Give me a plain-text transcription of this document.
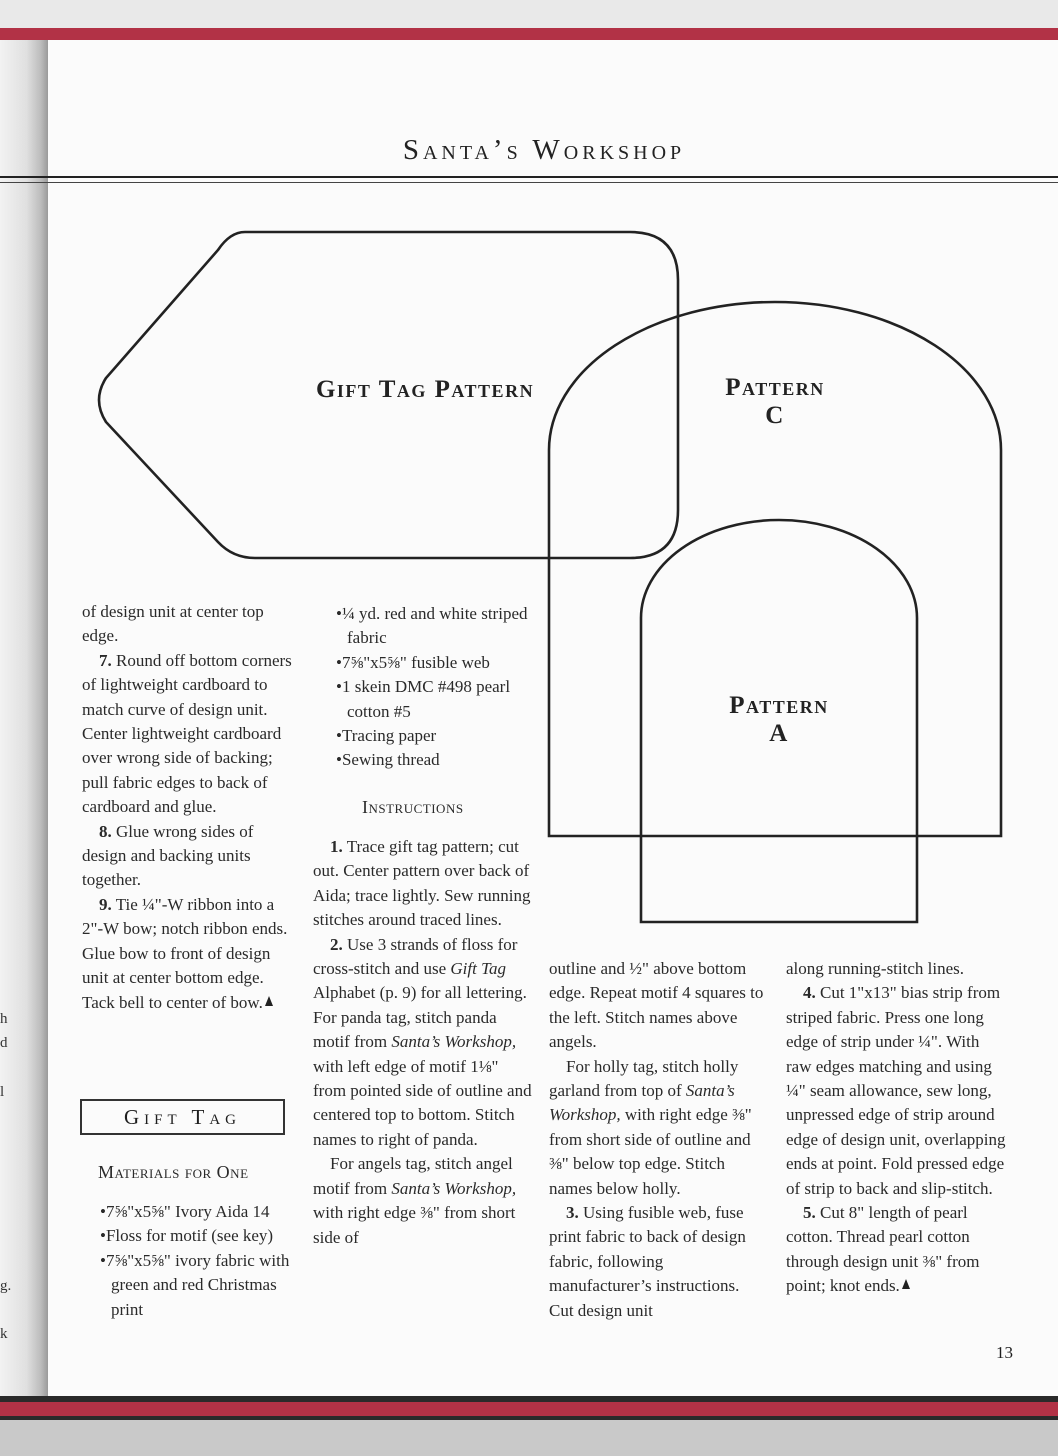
h
d
l
g.
k
Santa’s Workshop
Gift Tag Pattern	Pattern
C
Pattern
A

of design unit at center top edge.

7. Round off bottom corners of lightweight cardboard to match curve of design unit. Center lightweight cardboard over wrong side of backing; pull fabric edges to back of cardboard and glue.

8. Glue wrong sides of design and backing units together.

9. Tie ¼"-W ribbon into a 2"-W bow; notch ribbon ends. Glue bow to front of design unit at center bottom edge. Tack bell to center of bow.

Gift Tag

Materials for One

•7⅝"x5⅝" Ivory Aida 14

•Floss for motif (see key)

•7⅝"x5⅝" ivory fabric with green and red Christmas print

•¼ yd. red and white striped fabric

•7⅝"x5⅝" fusible web

•1 skein DMC #498 pearl cotton #5

•Tracing paper

•Sewing thread

Instructions

1. Trace gift tag pattern; cut out. Center pattern over back of Aida; trace lightly. Sew running stitches around traced lines.

2. Use 3 strands of floss for cross-stitch and use Gift Tag Alphabet (p. 9) for all lettering. For panda tag, stitch panda motif from Santa’s Workshop, with left edge of motif 1⅛" from pointed side of outline and centered top to bottom. Stitch names to right of panda.

For angels tag, stitch angel motif from Santa’s Workshop, with right edge ⅜" from short side of

outline and ½" above bottom edge. Repeat motif 4 squares to the left. Stitch names above angels.

For holly tag, stitch holly garland from top of Santa’s Workshop, with right edge ⅜" from short side of outline and ⅜" below top edge. Stitch names below holly.

3. Using fusible web, fuse print fabric to back of design fabric, following manufacturer’s instructions. Cut design unit

along running-stitch lines.

4. Cut 1"x13" bias strip from striped fabric. Press one long edge of strip under ¼". With raw edges matching and using ¼" seam allowance, sew long, unpressed edge of strip around edge of design unit, overlapping ends at point. Fold pressed edge of strip to back and slip-stitch.

5. Cut 8" length of pearl cotton. Thread pearl cotton through design unit ⅜" from point; knot ends.

13
